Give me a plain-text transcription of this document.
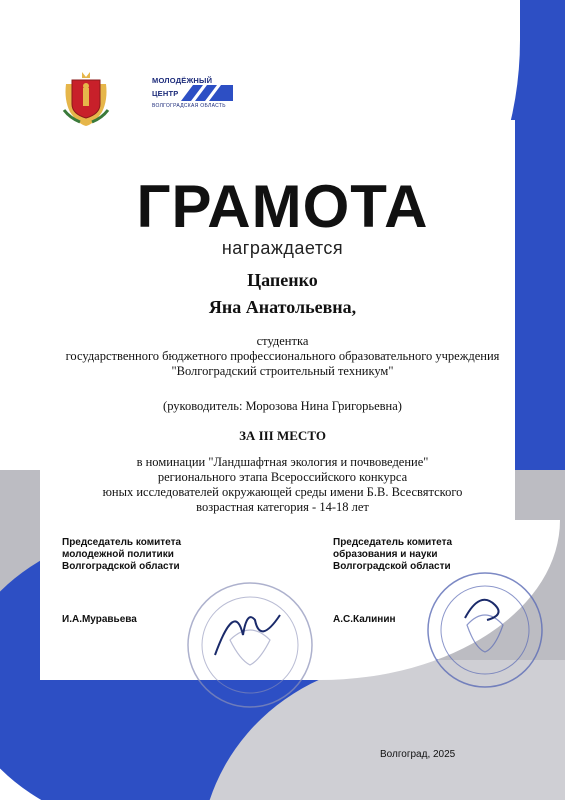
МОЛОДЁЖНЫЙ
ЦЕНТР
ВОЛГОГРАДСКАЯ ОБЛАСТЬ
ГРАМОТА
награждается
Цапенко
Яна Анатольевна,
студентка
государственного бюджетного профессионального образовательного учреждения
"Волгоградский строительный техникум"
(руководитель: Морозова Нина Григорьевна)
ЗА III МЕСТО
в номинации "Ландшафтная экология и почвоведение"
регионального этапа Всероссийского конкурса
юных исследователей окружающей среды имени Б.В. Всесвятского
возрастная категория - 14-18 лет
Председатель комитета
молодежной политики
Волгоградской области
И.А.Муравьева
Председатель комитета
образования и науки
Волгоградской области
А.С.Калинин
Волгоград, 2025
